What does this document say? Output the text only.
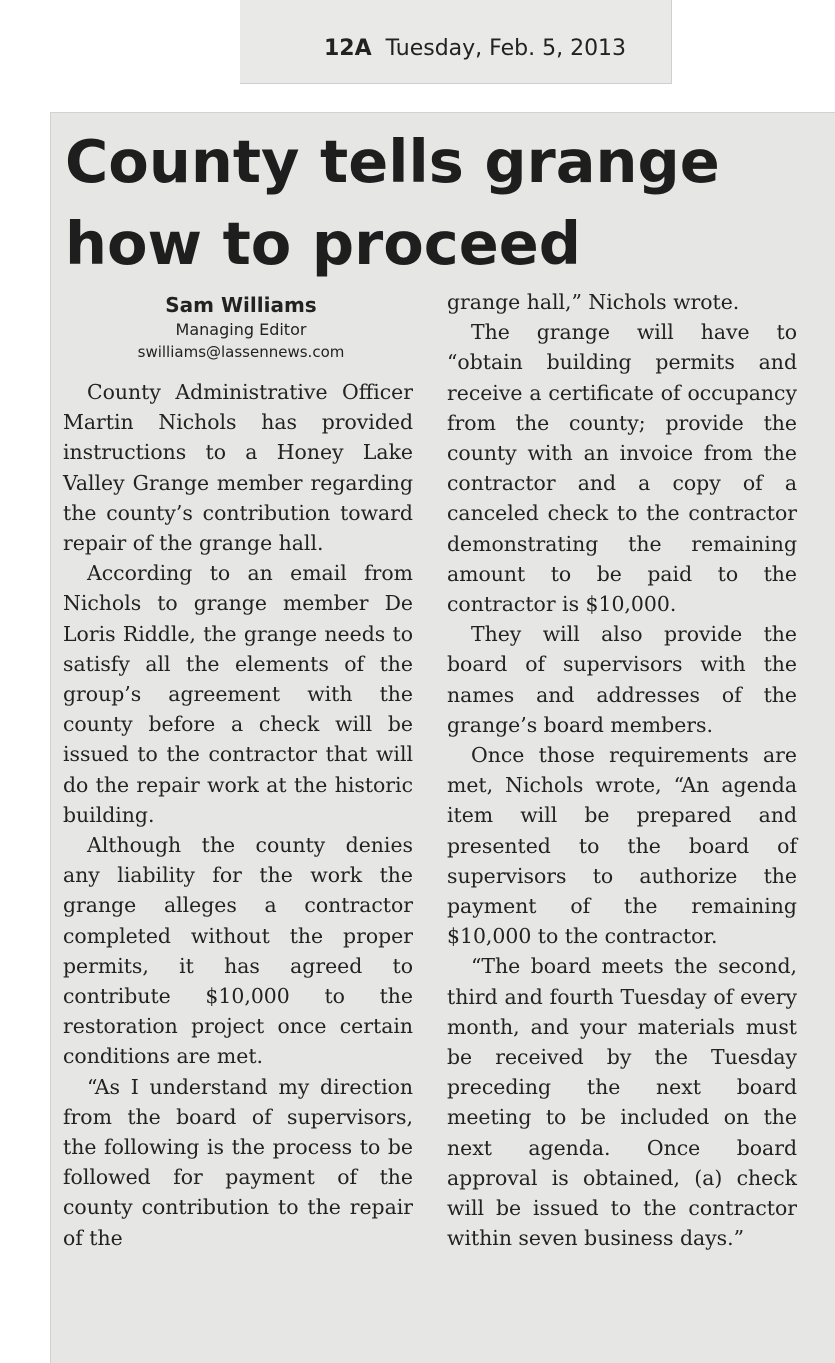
12A Tuesday, Feb. 5, 2013
County tells grange how to proceed
Sam Williams
Managing Editor
swilliams@lassennews.com

County Administrative Officer Martin Nichols has provided instructions to a Honey Lake Valley Grange member regarding the county’s contribution toward repair of the grange hall.

According to an email from Nichols to grange member De Loris Riddle, the grange needs to satisfy all the elements of the group’s agreement with the county before a check will be issued to the contractor that will do the repair work at the historic building.

Although the county denies any liability for the work the grange alleges a contractor completed without the proper permits, it has agreed to contribute $10,000 to the restoration project once certain conditions are met.

“As I understand my direction from the board of supervisors, the following is the process to be followed for payment of the county contribution to the repair of the

grange hall,” Nichols wrote.

The grange will have to “obtain building permits and receive a certificate of occupancy from the county; provide the county with an invoice from the contractor and a copy of a canceled check to the contractor demonstrating the remaining amount to be paid to the contractor is $10,000.

They will also provide the board of supervisors with the names and addresses of the grange’s board members.

Once those requirements are met, Nichols wrote, “An agenda item will be prepared and presented to the board of supervisors to authorize the payment of the remaining $10,000 to the contractor.

“The board meets the second, third and fourth Tuesday of every month, and your materials must be received by the Tuesday preceding the next board meeting to be included on the next agenda. Once board approval is obtained, (a) check will be issued to the contractor within seven business days.”
